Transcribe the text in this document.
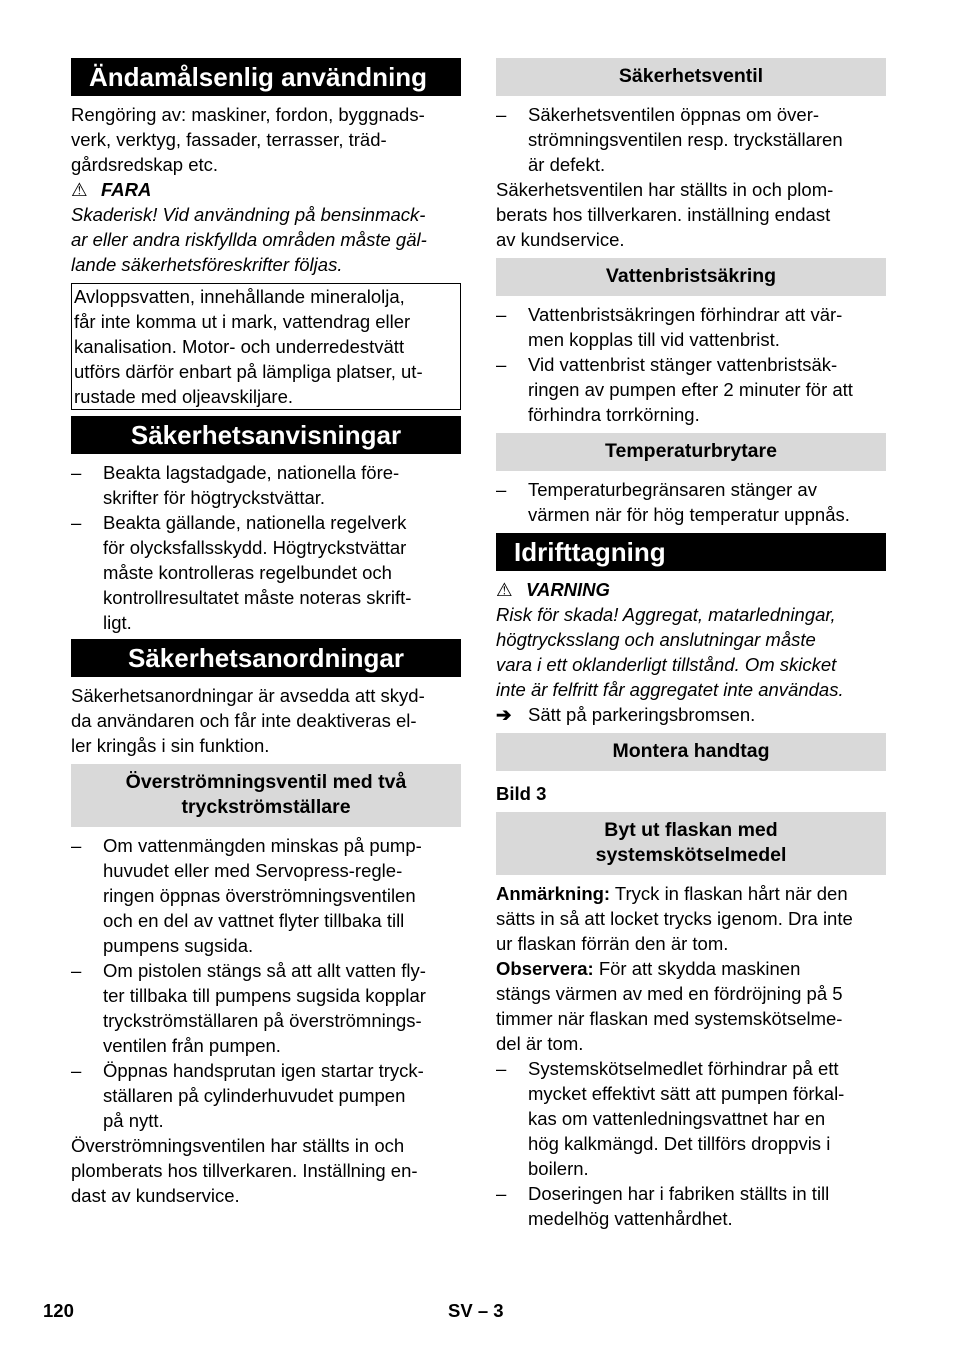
Ändamålsenlig användning

Rengöring av: maskiner, fordon, byggnads-
verk, verktyg, fassader, terrasser, träd-
gårdsredskap etc.

⚠ FARA

Skaderisk! Vid användning på bensinmack-
ar eller andra riskfyllda områden måste gäl-
lande säkerhetsföreskrifter följas.

Avloppsvatten, innehållande mineralolja,
får inte komma ut i mark, vattendrag eller
kanalisation. Motor- och underredestvätt
utförs därför enbart på lämpliga platser, ut-
rustade med oljeavskiljare.
Säkerhetsanvisningar
– Beakta lagstadgade, nationella före-
skrifter för högtryckstvättar.
– Beakta gällande, nationella regelverk
för olycksfallsskydd. Högtryckstvättar
måste kontrolleras regelbundet och
kontrollresultatet måste noteras skrift-
ligt.
Säkerhetsanordningar

Säkerhetsanordningar är avsedda att skyd-
da användaren och får inte deaktiveras el-
ler kringås i sin funktion.

Överströmningsventil med två
tryckströmställare
– Om vattenmängden minskas på pump-
huvudet eller med Servopress-regle-
ringen öppnas överströmningsventilen
och en del av vattnet flyter tillbaka till
pumpens sugsida.
– Om pistolen stängs så att allt vatten fly-
ter tillbaka till pumpens sugsida kopplar
tryckströmställaren på överströmnings-
ventilen från pumpen.
– Öppnas handsprutan igen startar tryck-
ställaren på cylinderhuvudet pumpen
på nytt.

Överströmningsventilen har ställts in och
plomberats hos tillverkaren. Inställning en-
dast av kundservice.

Säkerhetsventil
– Säkerhetsventilen öppnas om över-
strömningsventilen resp. tryckställaren
är defekt.

Säkerhetsventilen har ställts in och plom-
berats hos tillverkaren. inställning endast
av kundservice.

Vattenbristsäkring
– Vattenbristsäkringen förhindrar att vär-
men kopplas till vid vattenbrist.
– Vid vattenbrist stänger vattenbristsäk-
ringen av pumpen efter 2 minuter för att
förhindra torrkörning.
Temperaturbrytare
– Temperaturbegränsaren stänger av
värmen när för hög temperatur uppnås.
Idrifttagning
⚠ VARNING

Risk för skada! Aggregat, matarledningar,
högtrycksslang och anslutningar måste
vara i ett oklanderligt tillstånd. Om skicket
inte är felfritt får aggregatet inte användas.

➔ Sätt på parkeringsbromsen.
Montera handtag

Bild 3

Byt ut flaskan med
systemskötselmedel

Anmärkning: Tryck in flaskan hårt när den
sätts in så att locket trycks igenom. Dra inte
ur flaskan förrän den är tom.

Observera: För att skydda maskinen
stängs värmen av med en fördröjning på 5
timmer när flaskan med systemskötselme-
del är tom.

– Systemskötselmedlet förhindrar på ett
mycket effektivt sätt att pumpen förkal-
kas om vattenledningsvattnet har en
hög kalkmängd. Det tillförs droppvis i
boilern.
– Doseringen har i fabriken ställts in till
medelhög vattenhårdhet.
120	SV – 3
